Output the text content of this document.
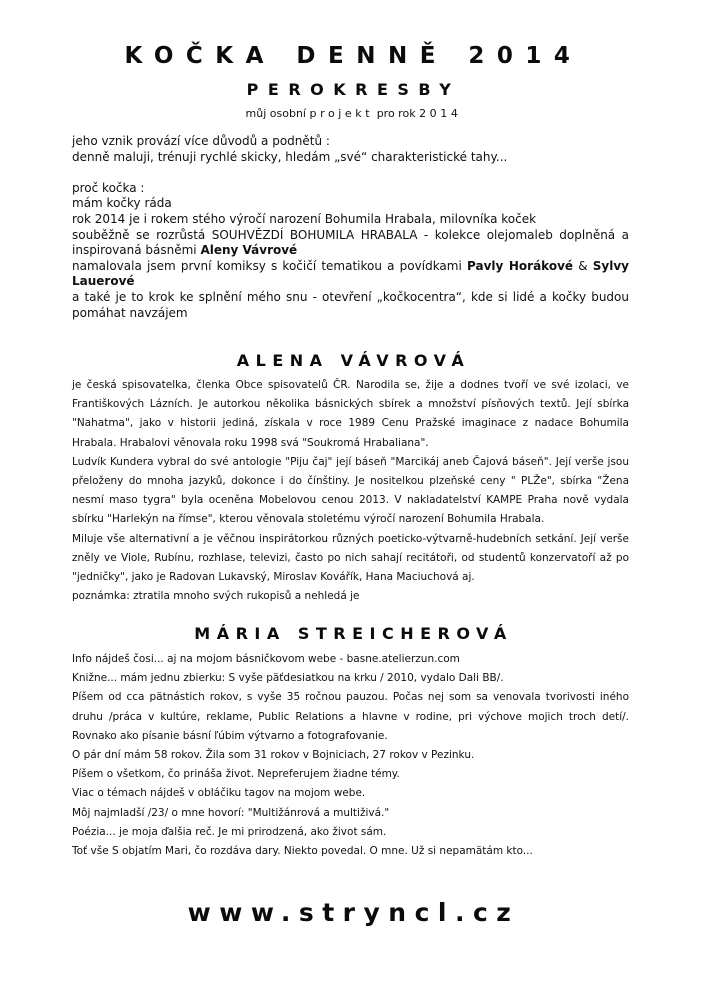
KOČKA DENNĚ 2014
PEROKRESBY
můj osobní projekt pro rok 2014

jeho vznik provází více důvodů a podnětů :

denně maluji, trénuji rychlé skicky, hledám „své“ charakteristické tahy...

proč kočka :

mám kočky ráda

rok 2014 je i rokem stého výročí narození Bohumila Hrabala, milovníka koček

souběžně se rozrůstá SOUHVĚZDÍ BOHUMILA HRABALA - kolekce olejomaleb doplněná a inspirovaná básněmi Aleny Vávrové

namalovala jsem první komiksy s kočičí tematikou a povídkami Pavly Horákové & Sylvy Lauerové

a také je to krok ke splnění mého snu - otevření „kočkocentra“, kde si lidé a kočky budou pomáhat navzájem

ALENA VÁVROVÁ

je česká spisovatelka, členka Obce spisovatelů ČR. Narodila se, žije a dodnes tvoří ve své izolaci, ve Františkových Lázních. Je autorkou několika básnických sbírek a množství písňových textů. Její sbírka "Nahatma", jako v historii jediná, získala v roce 1989 Cenu Pražské imaginace z nadace Bohumila Hrabala. Hrabalovi věnovala roku 1998 svá "Soukromá Hrabaliana".

Ludvík Kundera vybral do své antologie "Piju čaj" její báseň "Marcikáj aneb Čajová báseň". Její verše jsou přeloženy do mnoha jazyků, dokonce i do čínštiny. Je nositelkou plzeňské ceny " PLŽe", sbírka "Žena nesmí maso tygra" byla oceněna Mobelovou cenou 2013. V nakladatelství KAMPE Praha nově vydala sbírku "Harlekýn na římse", kterou věnovala stoletému výročí narození Bohumila Hrabala.

Miluje vše alternativní a je věčnou inspirátorkou různých poeticko-výtvarně-hudebních setkání. Její verše zněly ve Viole, Rubínu, rozhlase, televizi, často po nich sahají recitátoři, od studentů konzervatoří až po "jedničky", jako je Radovan Lukavský, Miroslav Kovářík, Hana Maciuchová aj.

poznámka: ztratila mnoho svých rukopisů a nehledá je

MÁRIA STREICHEROVÁ

Info nájdeš čosi... aj na mojom básničkovom webe - basne.atelierzun.com

Knižne... mám jednu zbierku: S vyše päťdesiatkou na krku / 2010, vydalo Dali BB/.

Píšem od cca pätnástich rokov, s vyše 35 ročnou pauzou. Počas nej som sa venovala tvorivosti iného druhu /práca v kultúre, reklame, Public Relations a hlavne v rodine, pri výchove mojich troch detí/. Rovnako ako písanie básní ľúbim výtvarno a fotografovanie.

O pár dní mám 58 rokov. Žila som 31 rokov v Bojniciach, 27 rokov v Pezinku.

Píšem o všetkom, čo prináša život. Nepreferujem žiadne témy.

Viac o témach nájdeš v obláčiku tagov na mojom webe.

Môj najmladší /23/ o mne hovorí: "Multižánrová a multiživá."

Poézia... je moja ďalšia reč. Je mi prirodzená, ako život sám.

Toť vše S objatím Mari, čo rozdáva dary. Niekto povedal. O mne. Už si nepamätám kto...

www.stryncl.cz
